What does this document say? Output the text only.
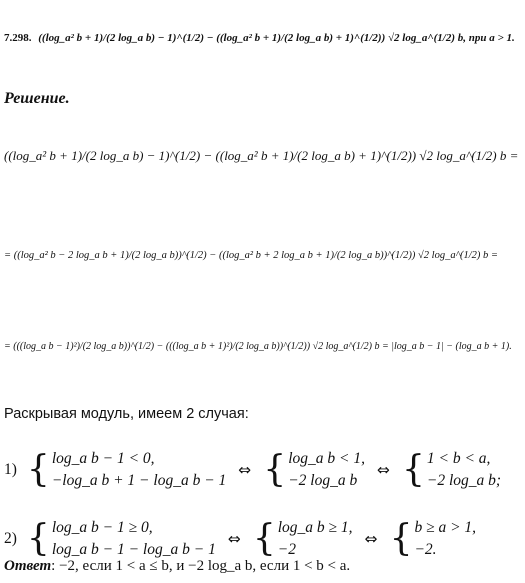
7.298. ((log_a² b + 1)/(2 log_a b) − 1)^(1/2) − ((log_a² b + 1)/(2 log_a b) + 1)^(1/2)) √2 log_a^(1/2) b, при a > 1.
Решение.
((log_a² b + 1)/(2 log_a b) − 1)^(1/2) − ((log_a² b + 1)/(2 log_a b) + 1)^(1/2)) √2 log_a^(1/2) b =
= ((log_a² b − 2 log_a b + 1)/(2 log_a b))^(1/2) − ((log_a² b + 2 log_a b + 1)/(2 log_a b))^(1/2)) √2 log_a^(1/2) b =
= (((log_a b − 1)²)/(2 log_a b))^(1/2) − (((log_a b + 1)²)/(2 log_a b))^(1/2)) √2 log_a^(1/2) b = |log_a b − 1| − (log_a b + 1).
Раскрывая модуль, имеем 2 случая:
1) { log_a b − 1 < 0,
−log_a b + 1 − log_a b − 1
⇔ { log_a b < 1,
−2 log_a b
⇔ { 1 < b < a,
−2 log_a b;
2) { log_a b − 1 ≥ 0,
log_a b − 1 − log_a b − 1
⇔ { log_a b ≥ 1,
−2
⇔ { b ≥ a > 1,
−2.
Ответ: −2, если 1 < a ≤ b, и −2 log_a b, если 1 < b < a.
